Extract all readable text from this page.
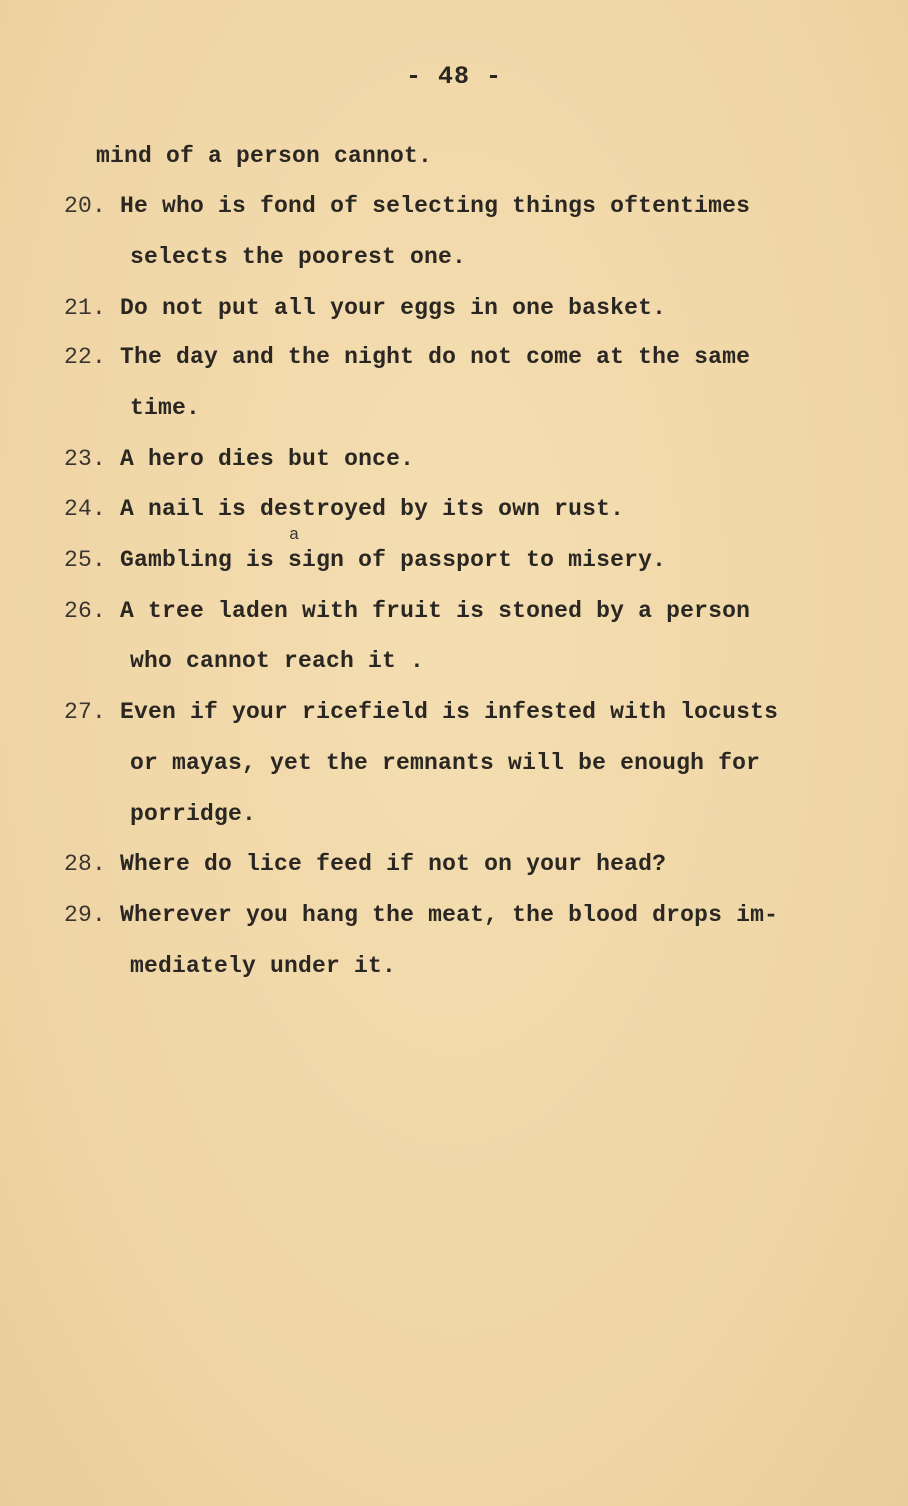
- 48 -
mind of a person cannot.
20. He who is fond of selecting things oftentimes
selects the poorest one.
21. Do not put all your eggs in one basket.
22. The day and the night do not come at the same
time.
23. A hero dies but once.
24. A nail is destroyed by its own rust.
a
25. Gambling is sign of passport to misery.
26. A tree laden with fruit is stoned by a person
who cannot reach it .
27. Even if your ricefield is infested with locusts
or mayas, yet the remnants will be enough for
porridge.
28. Where do lice feed if not on your head?
29. Wherever you hang the meat, the blood drops im-
mediately under it.
